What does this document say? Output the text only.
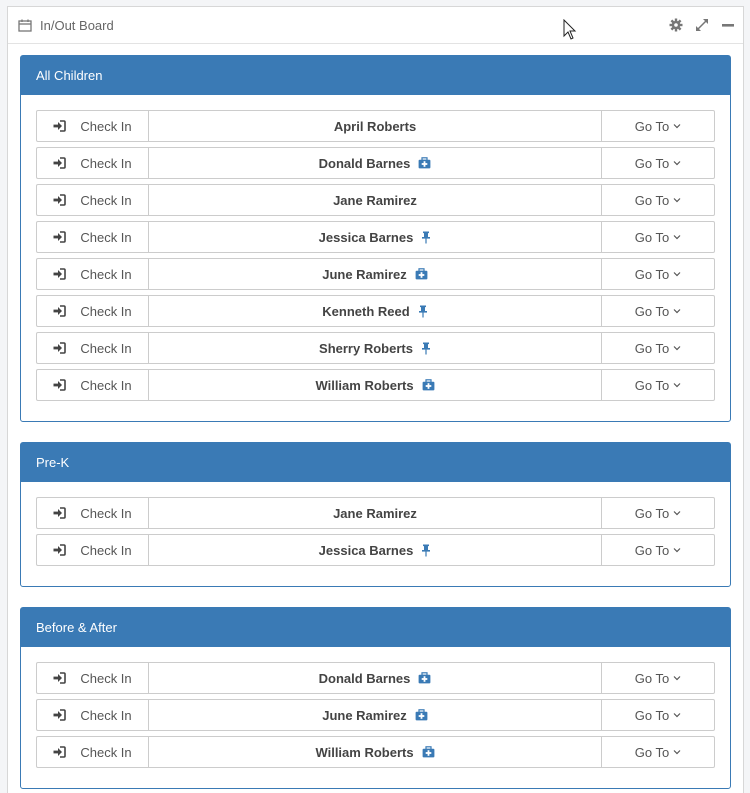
In/Out Board
All Children
Check In	April Roberts	Go To
Check In	Donald Barnes	Go To
Check In	Jane Ramirez	Go To
Check In	Jessica Barnes	Go To
Check In	June Ramirez	Go To
Check In	Kenneth Reed	Go To
Check In	Sherry Roberts	Go To
Check In	William Roberts	Go To
Pre-K
Check In	Jane Ramirez	Go To
Check In	Jessica Barnes	Go To
Before & After
Check In	Donald Barnes	Go To
Check In	June Ramirez	Go To
Check In	William Roberts	Go To
